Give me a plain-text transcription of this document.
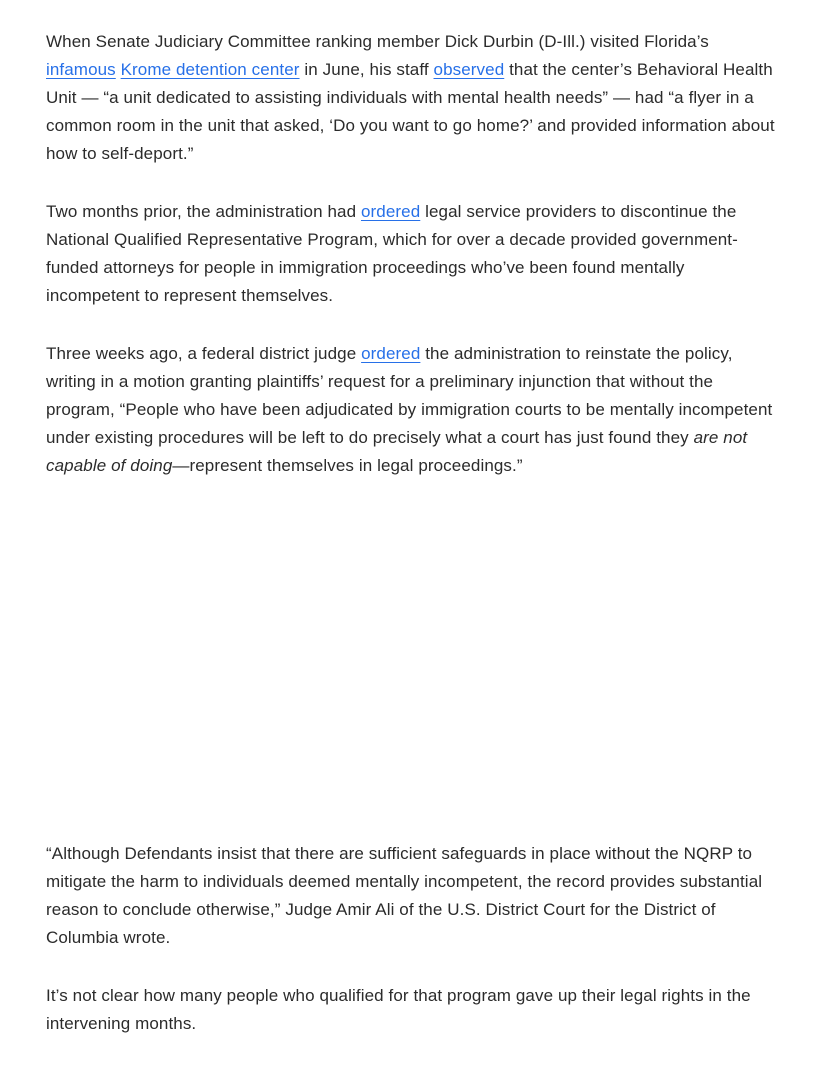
When Senate Judiciary Committee ranking member Dick Durbin (D-Ill.) visited Florida’s infamous Krome detention center in June, his staff observed that the center’s Behavioral Health Unit — “a unit dedicated to assisting individuals with mental health needs” — had “a flyer in a common room in the unit that asked, ‘Do you want to go home?’ and provided information about how to self-deport.”

Two months prior, the administration had ordered legal service providers to discontinue the National Qualified Representative Program, which for over a decade provided government-funded attorneys for people in immigration proceedings who’ve been found mentally incompetent to represent themselves.

Three weeks ago, a federal district judge ordered the administration to reinstate the policy, writing in a motion granting plaintiffs’ request for a preliminary injunction that without the program, “People who have been adjudicated by immigration courts to be mentally incompetent under existing procedures will be left to do precisely what a court has just found they are not capable of doing—represent themselves in legal proceedings.”

“Although Defendants insist that there are sufficient safeguards in place without the NQRP to mitigate the harm to individuals deemed mentally incompetent, the record provides substantial reason to conclude otherwise,” Judge Amir Ali of the U.S. District Court for the District of Columbia wrote.

It’s not clear how many people who qualified for that program gave up their legal rights in the intervening months.
